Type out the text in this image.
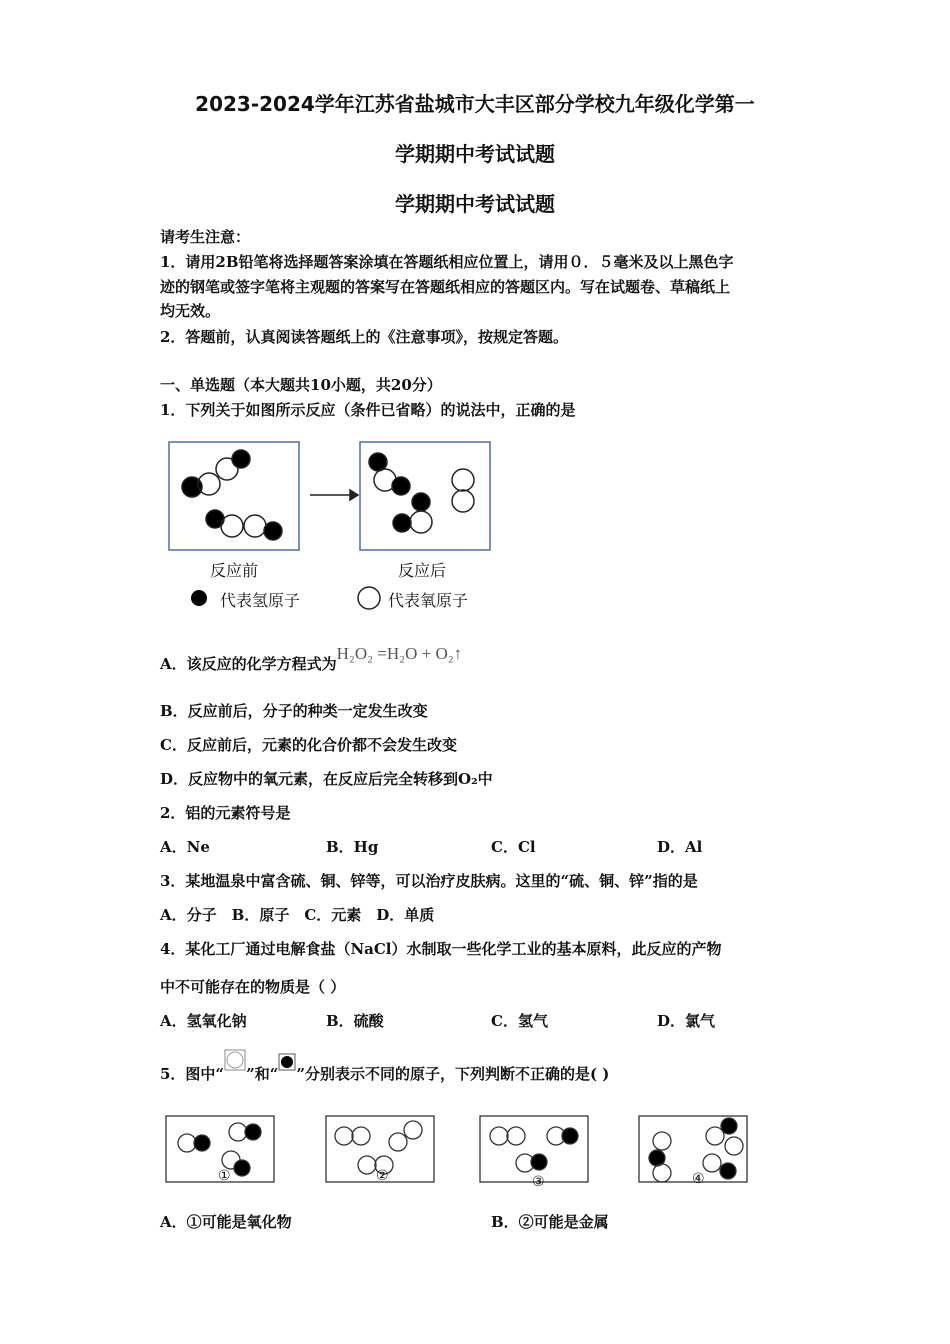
2023-2024学年江苏省盐城市大丰区部分学校九年级化学第一
学期期中考试试题
学期期中考试试题
请考生注意：
1．请用2B铅笔将选择题答案涂填在答题纸相应位置上，请用０．５毫米及以上黑色字
迹的钢笔或签字笔将主观题的答案写在答题纸相应的答题区内。写在试题卷、草稿纸上
均无效。
2．答题前，认真阅读答题纸上的《注意事项》，按规定答题。
一、单选题（本大题共10小题，共20分）
1．下列关于如图所示反应（条件已省略）的说法中，正确的是
反应前	反应后
代表氢原子	代表氧原子
A．该反应的化学方程式为H₂O₂ =H₂O + O₂↑
B．反应前后，分子的种类一定发生改变
C．反应前后，元素的化合价都不会发生改变
D．反应物中的氧元素，在反应后完全转移到O₂中
2．铝的元素符号是
A．Ne	B．Hg	C．Cl	D．Al
3．某地温泉中富含硫、铜、锌等，可以治疗皮肤病。这里的“硫、铜、锌”指的是
A．分子　B．原子　C．元素　D．单质
4．某化工厂通过电解食盐（NaCl）水制取一些化学工业的基本原料，此反应的产物
中不可能存在的物质是（ ）
A．氢氧化钠	B．硫酸	C．氢气	D．氯气
5．图中“ ”和“ ”分别表示不同的原子，下列判断不正确的是( )
①	②	③	④
A．①可能是氧化物	B．②可能是金属
